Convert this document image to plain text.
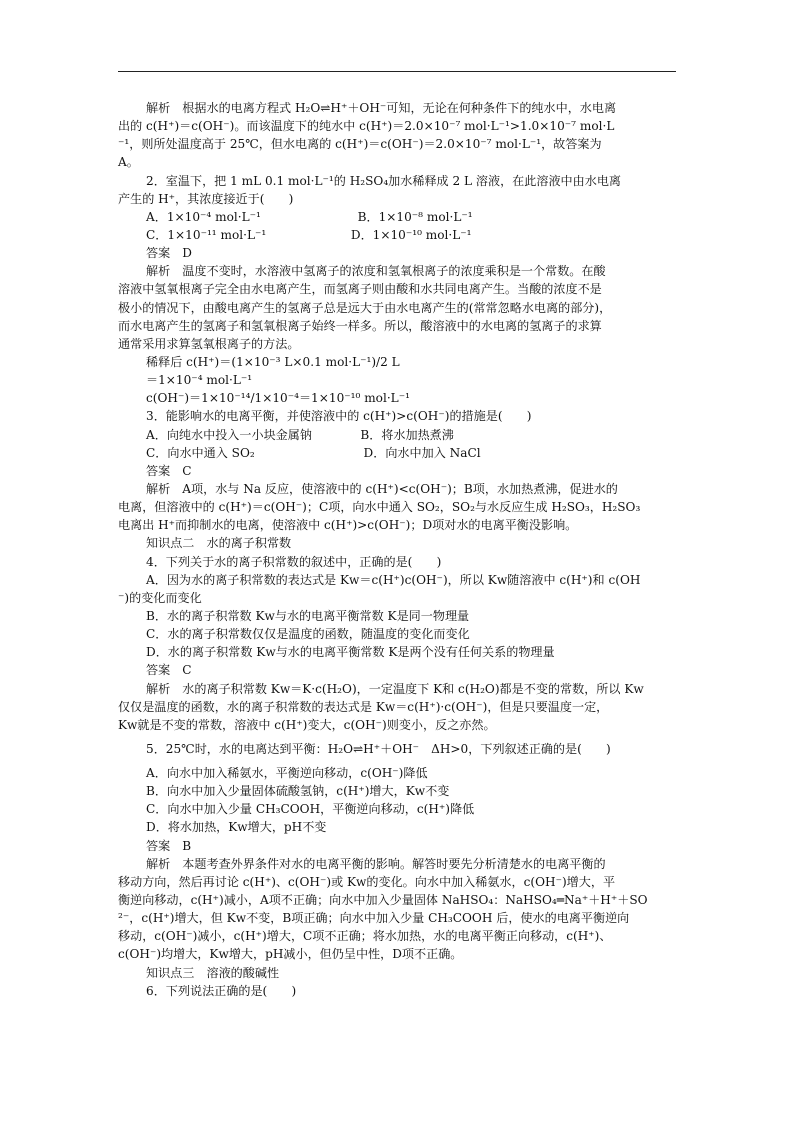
解析　根据水的电离方程式 H₂O⇌H⁺＋OH⁻可知，无论在何种条件下的纯水中，水电离
出的 c(H⁺)＝c(OH⁻)。而该温度下的纯水中 c(H⁺)＝2.0×10⁻⁷ mol·L⁻¹>1.0×10⁻⁷ mol·L
⁻¹，则所处温度高于 25℃，但水电离的 c(H⁺)＝c(OH⁻)＝2.0×10⁻⁷ mol·L⁻¹，故答案为
A。
2．室温下，把 1 mL 0.1 mol·L⁻¹的 H₂SO₄加水稀释成 2 L 溶液，在此溶液中由水电离
产生的 H⁺，其浓度接近于(　　)
A．1×10⁻⁴ mol·L⁻¹　　　　　　　　B．1×10⁻⁸ mol·L⁻¹
C．1×10⁻¹¹ mol·L⁻¹　　　　　　　D．1×10⁻¹⁰ mol·L⁻¹
答案　D
解析　温度不变时，水溶液中氢离子的浓度和氢氧根离子的浓度乘积是一个常数。在酸
溶液中氢氧根离子完全由水电离产生，而氢离子则由酸和水共同电离产生。当酸的浓度不是
极小的情况下，由酸电离产生的氢离子总是远大于由水电离产生的(常常忽略水电离的部分)，
而水电离产生的氢离子和氢氧根离子始终一样多。所以，酸溶液中的水电离的氢离子的求算
通常采用求算氢氧根离子的方法。
稀释后 c(H⁺)＝(1×10⁻³ L×0.1 mol·L⁻¹)/2 L
＝1×10⁻⁴ mol·L⁻¹
c(OH⁻)＝1×10⁻¹⁴/1×10⁻⁴＝1×10⁻¹⁰ mol·L⁻¹
3．能影响水的电离平衡，并使溶液中的 c(H⁺)>c(OH⁻)的措施是(　　)
A．向纯水中投入一小块金属钠　　　　B．将水加热煮沸
C．向水中通入 SO₂　　　　　　　　　D．向水中加入 NaCl
答案　C
解析　A项，水与 Na 反应，使溶液中的 c(H⁺)<c(OH⁻)；B项，水加热煮沸，促进水的
电离，但溶液中的 c(H⁺)＝c(OH⁻)；C项，向水中通入 SO₂，SO₂与水反应生成 H₂SO₃，H₂SO₃
电离出 H⁺而抑制水的电离，使溶液中 c(H⁺)>c(OH⁻)；D项对水的电离平衡没影响。
知识点二　水的离子积常数
4．下列关于水的离子积常数的叙述中，正确的是(　　)
A．因为水的离子积常数的表达式是 Kw＝c(H⁺)c(OH⁻)，所以 Kw随溶液中 c(H⁺)和 c(OH
⁻)的变化而变化
B．水的离子积常数 Kw与水的电离平衡常数 K是同一物理量
C．水的离子积常数仅仅是温度的函数，随温度的变化而变化
D．水的离子积常数 Kw与水的电离平衡常数 K是两个没有任何关系的物理量
答案　C
解析　水的离子积常数 Kw＝K·c(H₂O)，一定温度下 K和 c(H₂O)都是不变的常数，所以 Kw
仅仅是温度的函数，水的离子积常数的表达式是 Kw＝c(H⁺)·c(OH⁻)，但是只要温度一定，
Kw就是不变的常数，溶液中 c(H⁺)变大，c(OH⁻)则变小，反之亦然。
5．25℃时，水的电离达到平衡：H₂O⇌H⁺＋OH⁻　ΔH>0，下列叙述正确的是(　　)
A．向水中加入稀氨水，平衡逆向移动，c(OH⁻)降低
B．向水中加入少量固体硫酸氢钠，c(H⁺)增大，Kw不变
C．向水中加入少量 CH₃COOH，平衡逆向移动，c(H⁺)降低
D．将水加热，Kw增大，pH不变
答案　B
解析　本题考查外界条件对水的电离平衡的影响。解答时要先分析清楚水的电离平衡的
移动方向，然后再讨论 c(H⁺)、c(OH⁻)或 Kw的变化。向水中加入稀氨水，c(OH⁻)增大，平
衡逆向移动，c(H⁺)减小，A项不正确；向水中加入少量固体 NaHSO₄：NaHSO₄═Na⁺＋H⁺＋SO
²⁻，c(H⁺)增大，但 Kw不变，B项正确；向水中加入少量 CH₃COOH 后，使水的电离平衡逆向
移动，c(OH⁻)减小，c(H⁺)增大，C项不正确；将水加热，水的电离平衡正向移动，c(H⁺)、
c(OH⁻)均增大，Kw增大，pH减小，但仍呈中性，D项不正确。
知识点三　溶液的酸碱性
6．下列说法正确的是(　　)
